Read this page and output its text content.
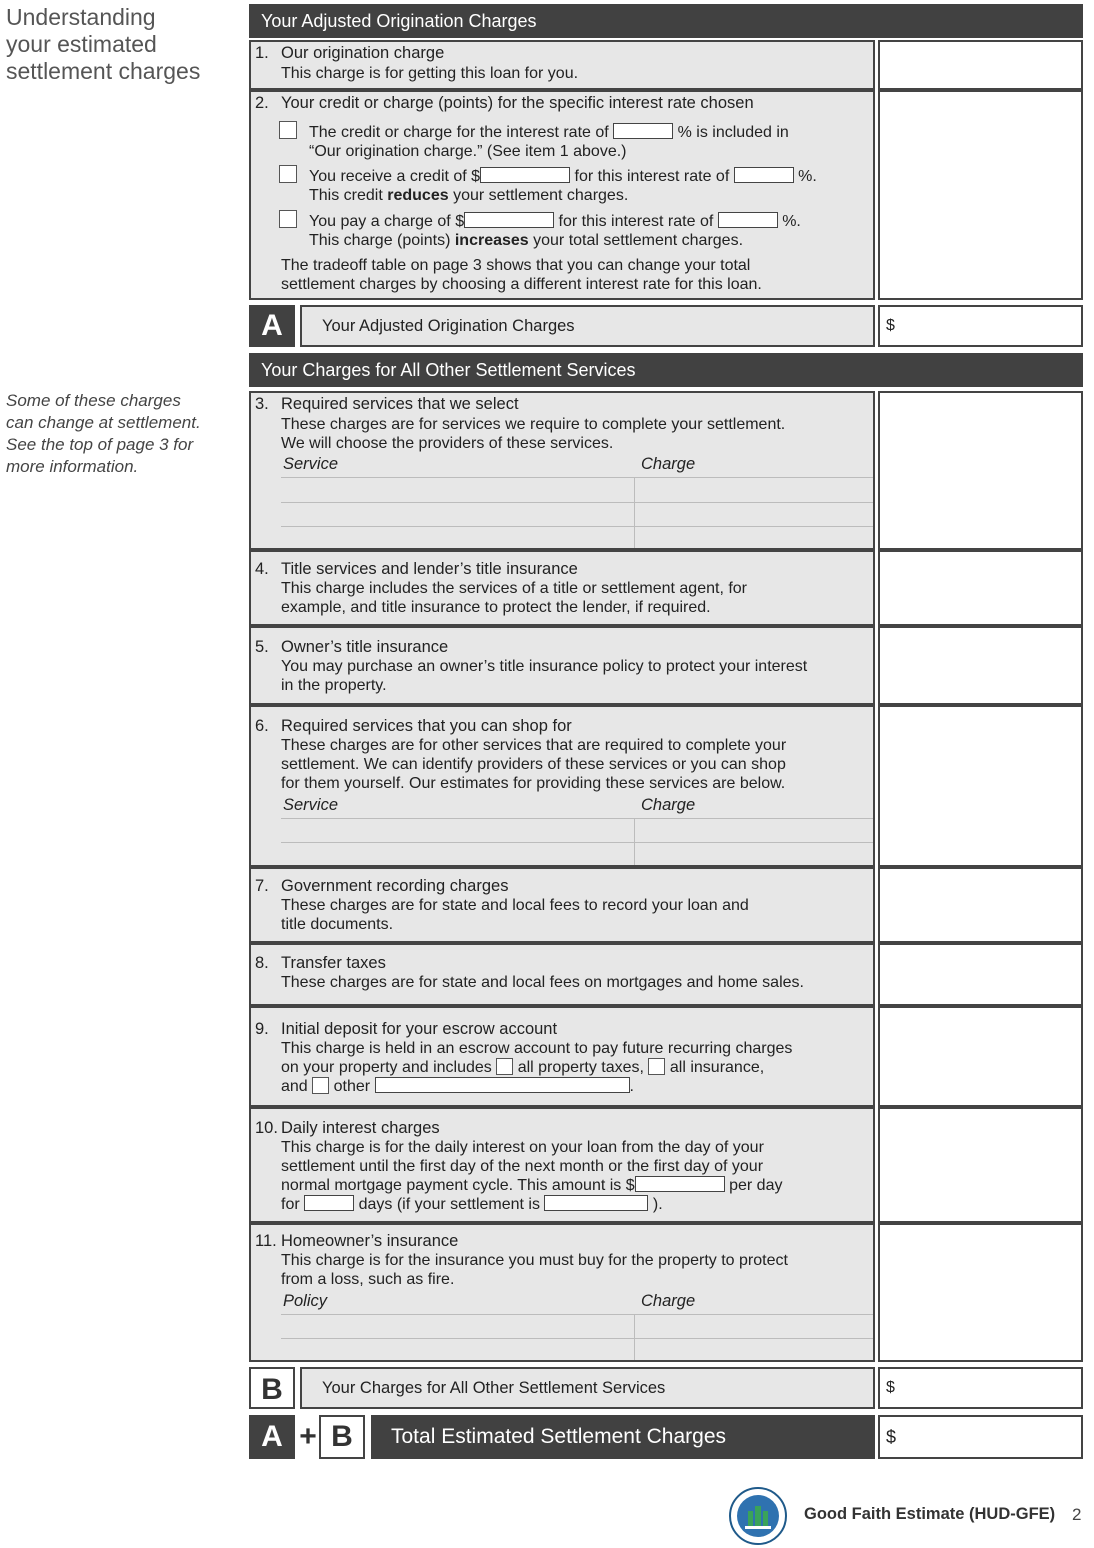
Understanding
your estimated
settlement charges
Some of these charges
can change at settlement.
See the top of page 3 for
more information.
Your Adjusted Origination Charges
1. Our origination charge
This charge is for getting this loan for you.
2. Your credit or charge (points) for the specific interest rate chosen
The credit or charge for the interest rate of	% is included in
“Our origination charge.” (See item 1 above.)
You receive a credit of $	for this interest rate of	%.
This credit reduces your settlement charges.
You pay a charge of $	for this interest rate of	%.
This charge (points) increases your total settlement charges.
The tradeoff table on page 3 shows that you can change your total
settlement charges by choosing a different interest rate for this loan.
A	Your Adjusted Origination Charges	$
Your Charges for All Other Settlement Services
3. Required services that we select
These charges are for services we require to complete your settlement.
We will choose the providers of these services.
Service	Charge
4. Title services and lender’s title insurance
This charge includes the services of a title or settlement agent, for
example, and title insurance to protect the lender, if required.
5. Owner’s title insurance
You may purchase an owner’s title insurance policy to protect your interest
in the property.
6. Required services that you can shop for
These charges are for other services that are required to complete your
settlement. We can identify providers of these services or you can shop
for them yourself. Our estimates for providing these services are below.
Service	Charge
7. Government recording charges
These charges are for state and local fees to record your loan and
title documents.
8. Transfer taxes
These charges are for state and local fees on mortgages and home sales.
9. Initial deposit for your escrow account
This charge is held in an escrow account to pay future recurring charges
on your property and includes all property taxes, all insurance,
and other	.
10. Daily interest charges
This charge is for the daily interest on your loan from the day of your
settlement until the first day of the next month or the first day of your
normal mortgage payment cycle. This amount is $	per day
for	days (if your settlement is	).
11. Homeowner’s insurance
This charge is for the insurance you must buy for the property to protect
from a loss, such as fire.
Policy	Charge
B	Your Charges for All Other Settlement Services	$
A + B	Total Estimated Settlement Charges	$
Good Faith Estimate (HUD-GFE) 2
